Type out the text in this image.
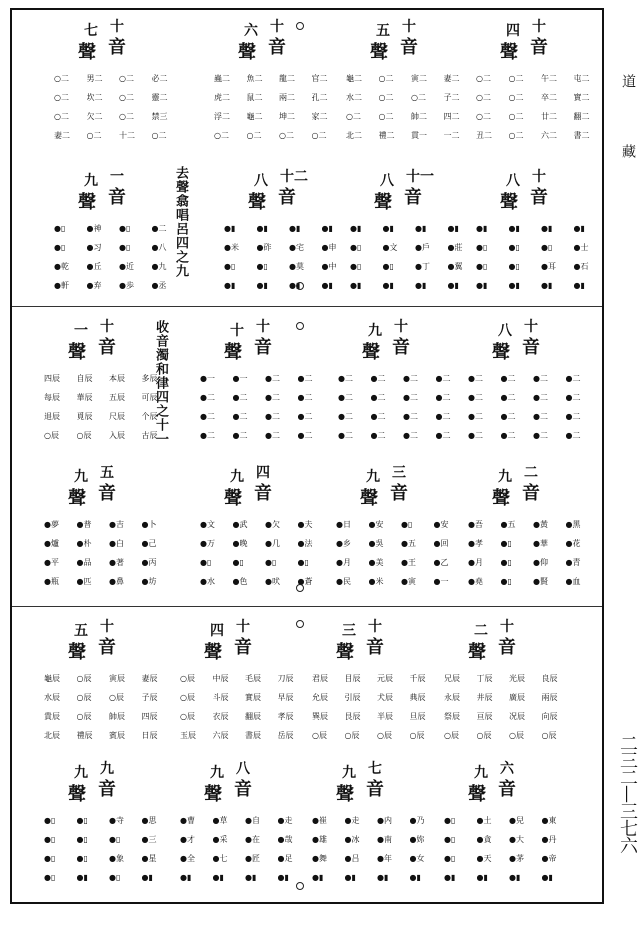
七 十
聲 音
○二	男二	○二	必二
○二	坎二	○二	靈二
○二	欠二	○二	禁三
妻二	○二	十二	○二
六 十
聲 音
蟲二	魚二	龍二	官二
虎二	鼠二	兩二	孔二
浮二	龜二	坤二	家二
○二	○二	○二	○二
五 十
聲 音
龜二	○二	寅二	妻二
水二	○二	○二	子二
○二	○二	帥二	四二
北二	禮二	貫一	一二
四 十
聲 音
○二	○二	午二	屯二
○二	○二	卒二	實二
○二	○二	廿二	翻二
丑二	○二	六二	書二
去聲翕唱呂四之九
九 一
聲 音
●▯	●神	●▯	●二
●▯	●习	●▯	●八
●乾	●丘	●近	●九
●軒	●弃	●歩	●丞
八 十二
聲 音
●▮	●▮	●▮	●▮
●米	●砟	●宅	●申
●▯	●▯	●莫	●中
●▮	●▮	●▮	●▮
八 十一
聲 音
●▮	●▮	●▮	●▮
●▯	●文	●戶	●莊
●▯	●▯	●丁	●翼
●▮	●▮	●▮	●▮
八 十
聲 音
●▮	●▮	●▮	●▮
●▯	●▯	●▯	●士
●▯	●▯	●耳	●石
●▮	●▮	●▮	●▮
收音濁和律四之十一
一 十
聲 音
四辰	自辰	本辰	多辰
每辰	華辰	五辰	可辰
退辰	覓辰	尺辰	个辰
○辰	○辰	入辰	古辰
十 十
聲 音
●一	●一	●二	●二
●二	●二	●二	●二
●二	●二	●二	●二
●二	●二	●二	●二
九 十
聲 音
●二	●二	●二	●二
●二	●二	●二	●二
●二	●二	●二	●二
●二	●二	●二	●二
八 十
聲 音
●二	●二	●二	●二
●二	●二	●二	●二
●二	●二	●二	●二
●二	●二	●二	●二
九 五
聲 音
●夢	●普	●吉	●卜
●爐	●朴	●白	●己
●平	●品	●著	●丙
●瓶	●匹	●鼻	●坊
九 四
聲 音
●文	●武	●欠	●夫
●万	●晚	●几	●法
●▯	●▯	●▯	●▯
●水	●色	●吠	●蒼
九 三
聲 音
●日	●安	●▯	●安
●乡	●吳	●五	●回
●月	●美	●王	●乙
●民	●米	●寅	●一
九 二
聲 音
●吾	●五	●黃	●黑
●孝	●▯	●華	●花
●月	●▯	●仰	●青
●堯	●▯	●賢	●血
五 十
聲 音
龜辰	○辰	寅辰	妻辰
水辰	○辰	○辰	子辰
貴辰	○辰	帥辰	四辰
北辰	禮辰	賓辰	日辰
四 十
聲 音
○辰	中辰	毛辰	刀辰
○辰	斗辰	實辰	早辰
○辰	衣辰	翻辰	孝辰
玉辰	六辰	書辰	岳辰
三 十
聲 音
君辰	目辰	元辰	千辰
允辰	引辰	犬辰	典辰
巽辰	艮辰	半辰	旦辰
○辰	○辰	○辰	○辰
二 十
聲 音
兄辰	丁辰	光辰	良辰
永辰	井辰	廣辰	兩辰
祭辰	亘辰	况辰	向辰
○辰	○辰	○辰	○辰
九 九
聲 音
●▯	●▯	●寺	●思
●▯	●▯	●▯	●三
●▯	●▯	●象	●星
●▯	●▮	●▯	●▮
九 八
聲 音
●曹	●草	●自	●走
●才	●采	●在	●哉
●全	●七	●匠	●足
●▮	●▮	●▮	●▮
九 七
聲 音
●崔	●走	●内	●乃
●雄	●冰	●南	●妳
●舞	●吕	●年	●女
●▮	●▮	●▮	●▮
九 六
聲 音
●▯	●土	●兒	●東
●▯	●貪	●大	●丹
●▯	●天	●茅	●帝
●▮	●▮	●▮	●▮
道
藏
二三二—三七六
